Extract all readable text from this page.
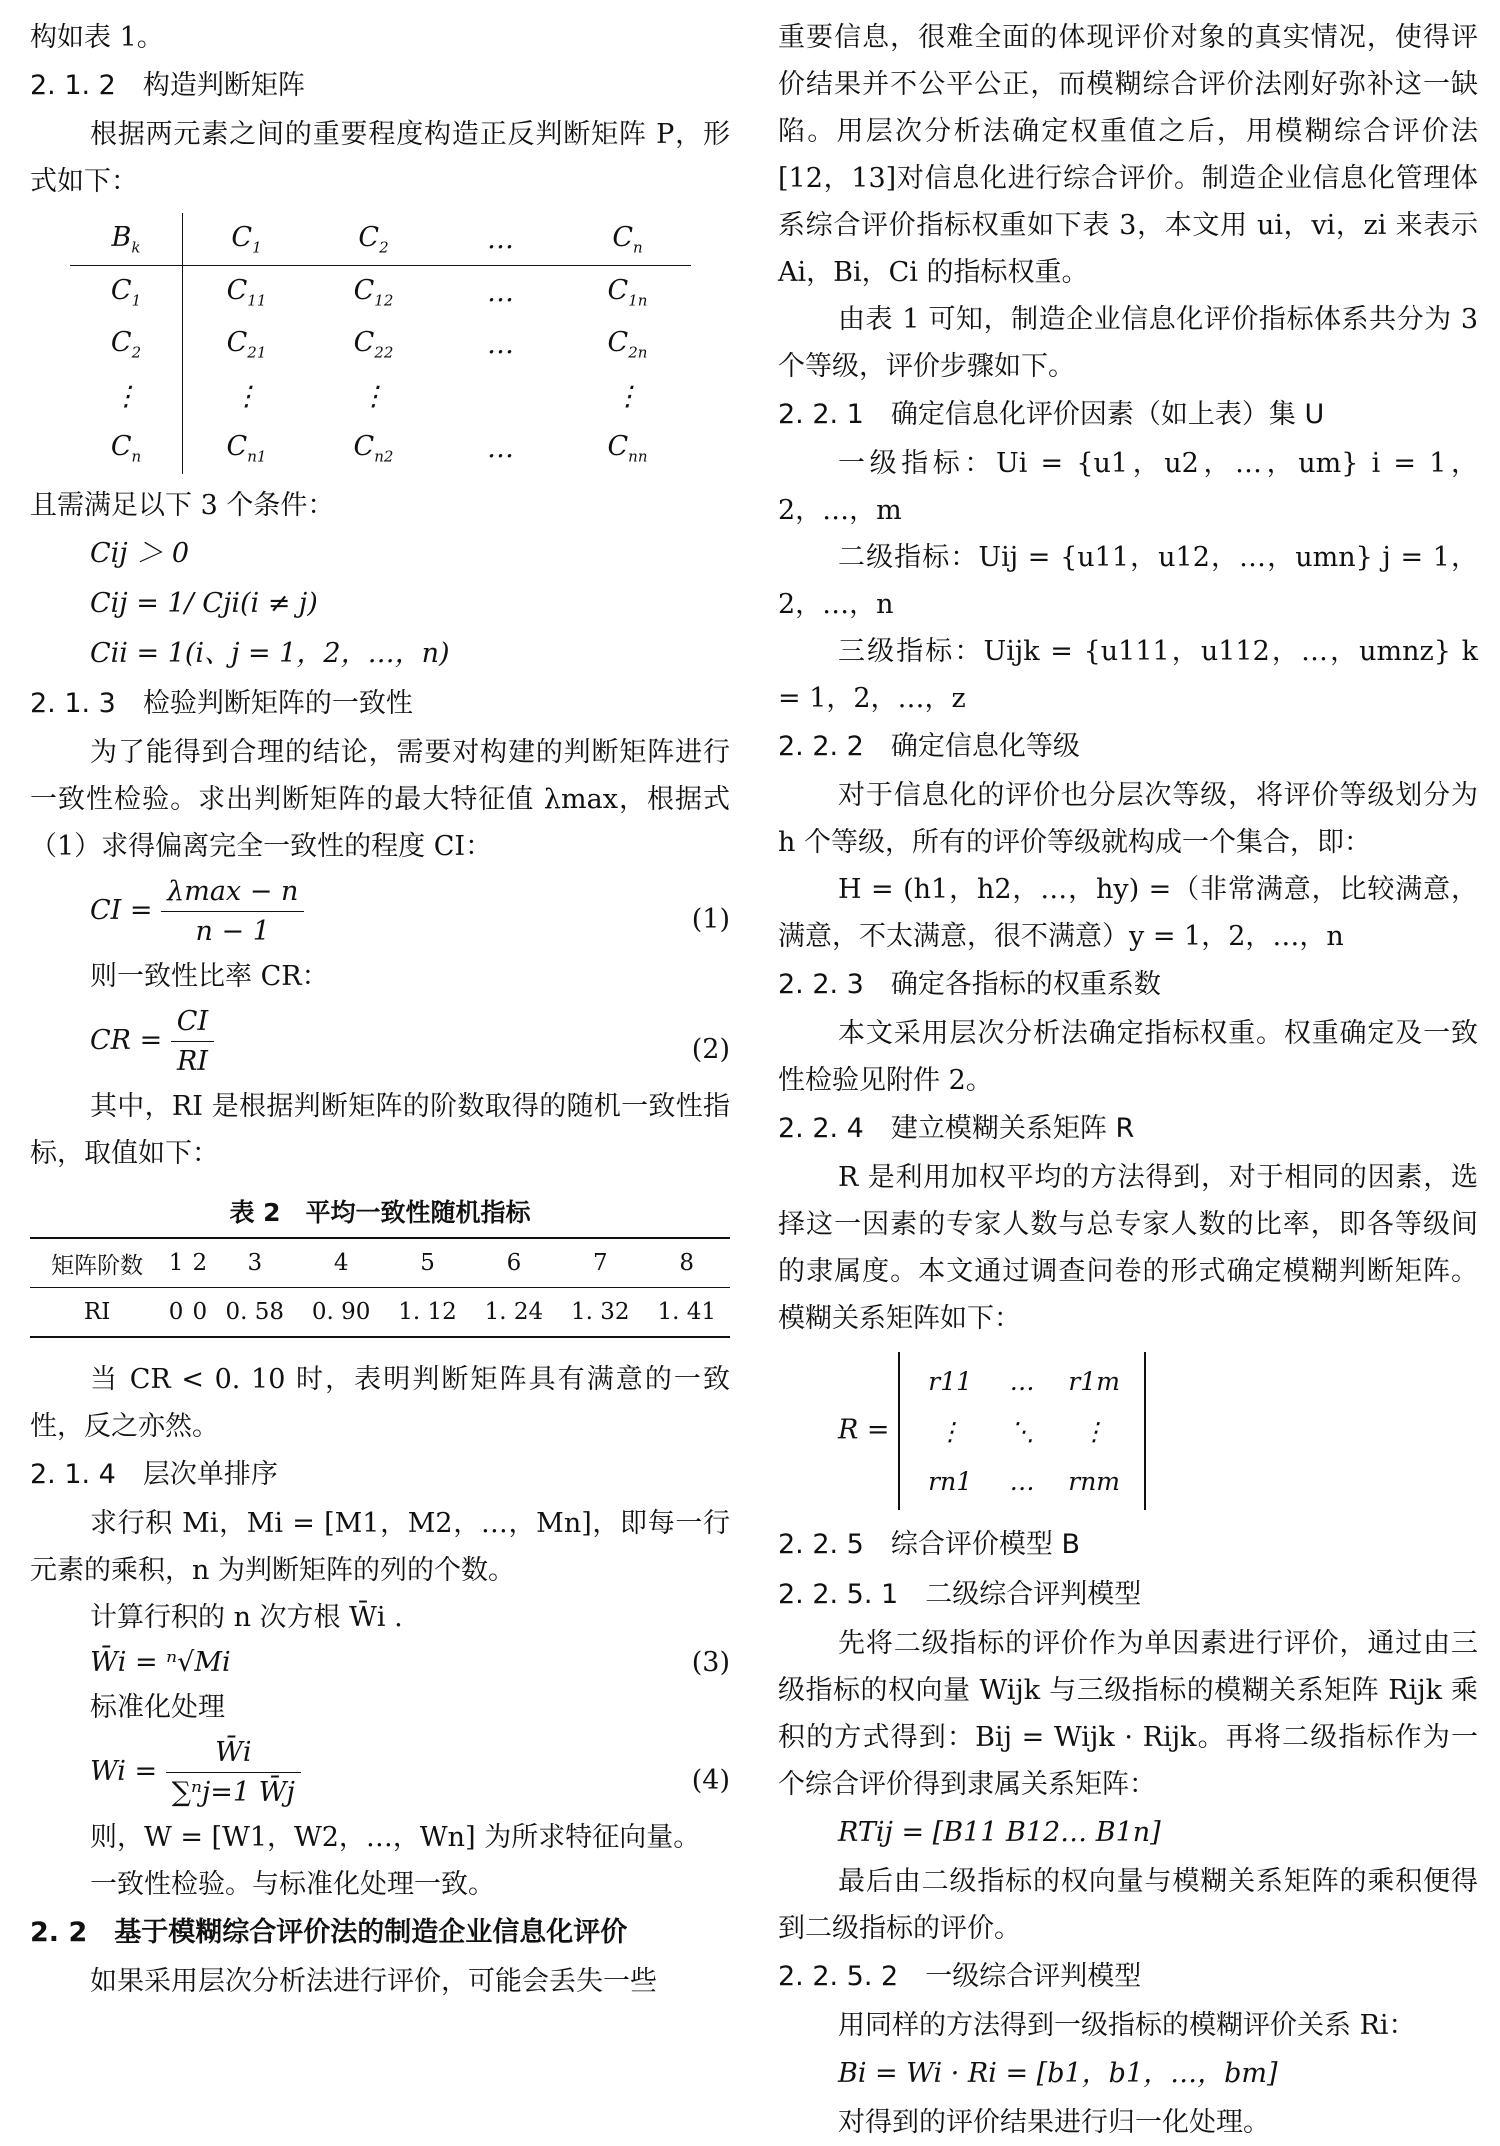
构如表 1。

2. 1. 2　构造判断矩阵

根据两元素之间的重要程度构造正反判断矩阵 P，形式如下：

$B_k$	$C_1$	$C_2$	…	$C_n$
$C_1$	$C_{11}$	$C_{12}$	…	$C_{1n}$
$C_2$	$C_{21}$	$C_{22}$	…	$C_{2n}$
⋮	⋮	⋮		⋮
$C_n$	$C_{n1}$	$C_{n2}$	…	$C_{nn}$

且需满足以下 3 个条件：

Cij ＞ 0

Cij = 1/ Cji(i ≠ j)

Cii = 1(i、j = 1，2，…，n)

2. 1. 3　检验判断矩阵的一致性

为了能得到合理的结论，需要对构建的判断矩阵进行一致性检验。求出判断矩阵的最大特征值 λmax，根据式（1）求得偏离完全一致性的程度 CI：

CI = $\frac{\lambda\max - n}{n - 1}$	(1)

则一致性比率 CR：

CR = $\frac{CI}{RI}$	(2)

其中，RI 是根据判断矩阵的阶数取得的随机一致性指标，取值如下：

表 2　平均一致性随机指标
矩阵阶数	1	2	3	4	5	6	7	8
RI	0	0	0. 58	0. 90	1. 12	1. 24	1. 32	1. 41

当 CR < 0. 10 时，表明判断矩阵具有满意的一致性，反之亦然。

2. 1. 4　层次单排序

求行积 Mi，Mi = [M1，M2，…，Mn]，即每一行元素的乘积，n 为判断矩阵的列的个数。

计算行积的 n 次方根 W̄i .

W̄i = ⁿ√Mi	(3)

标准化处理

$Wi = \frac{W̄i}{\text{∑ⁿj=1 W̄j}}$	(4)

则，W = [W1，W2，…，Wn] 为所求特征向量。

一致性检验。与标准化处理一致。

2. 2　基于模糊综合评价法的制造企业信息化评价

如果采用层次分析法进行评价，可能会丢失一些

重要信息，很难全面的体现评价对象的真实情况，使得评价结果并不公平公正，而模糊综合评价法刚好弥补这一缺陷。用层次分析法确定权重值之后，用模糊综合评价法[12，13]对信息化进行综合评价。制造企业信息化管理体系综合评价指标权重如下表 3，本文用 ui，vi，zi 来表示 Ai，Bi，Ci 的指标权重。

由表 1 可知，制造企业信息化评价指标体系共分为 3 个等级，评价步骤如下。

2. 2. 1　确定信息化评价因素（如上表）集 U

一级指标：Ui = {u1，u2，…，um} i = 1，2，…，m

二级指标：Uij = {u11，u12，…，umn} j = 1，2，…，n

三级指标：Uijk = {u111，u112，…，umnz} k = 1，2，…，z

2. 2. 2　确定信息化等级

对于信息化的评价也分层次等级，将评价等级划分为 h 个等级，所有的评价等级就构成一个集合，即：

H = (h1，h2，…，hy) =（非常满意，比较满意，满意，不太满意，很不满意）y = 1，2，…，n

2. 2. 3　确定各指标的权重系数

本文采用层次分析法确定指标权重。权重确定及一致性检验见附件 2。

2. 2. 4　建立模糊关系矩阵 R

R 是利用加权平均的方法得到，对于相同的因素，选择这一因素的专家人数与总专家人数的比率，即各等级间的隶属度。本文通过调查问卷的形式确定模糊判断矩阵。模糊关系矩阵如下：

R =
r11	…	r1m
⋮	⋱	⋮
rn1	…	rnm

2. 2. 5　综合评价模型 B

2. 2. 5. 1　二级综合评判模型

先将二级指标的评价作为单因素进行评价，通过由三级指标的权向量 Wijk 与三级指标的模糊关系矩阵 Rijk 乘积的方式得到：Bij = Wijk · Rijk。再将二级指标作为一个综合评价得到隶属关系矩阵：

RTij = [B11 B12… B1n]

最后由二级指标的权向量与模糊关系矩阵的乘积便得到二级指标的评价。

2. 2. 5. 2　一级综合评判模型

用同样的方法得到一级指标的模糊评价关系 Ri：

Bi = Wi · Ri = [b1，b1，…，bm]

对得到的评价结果进行归一化处理。
